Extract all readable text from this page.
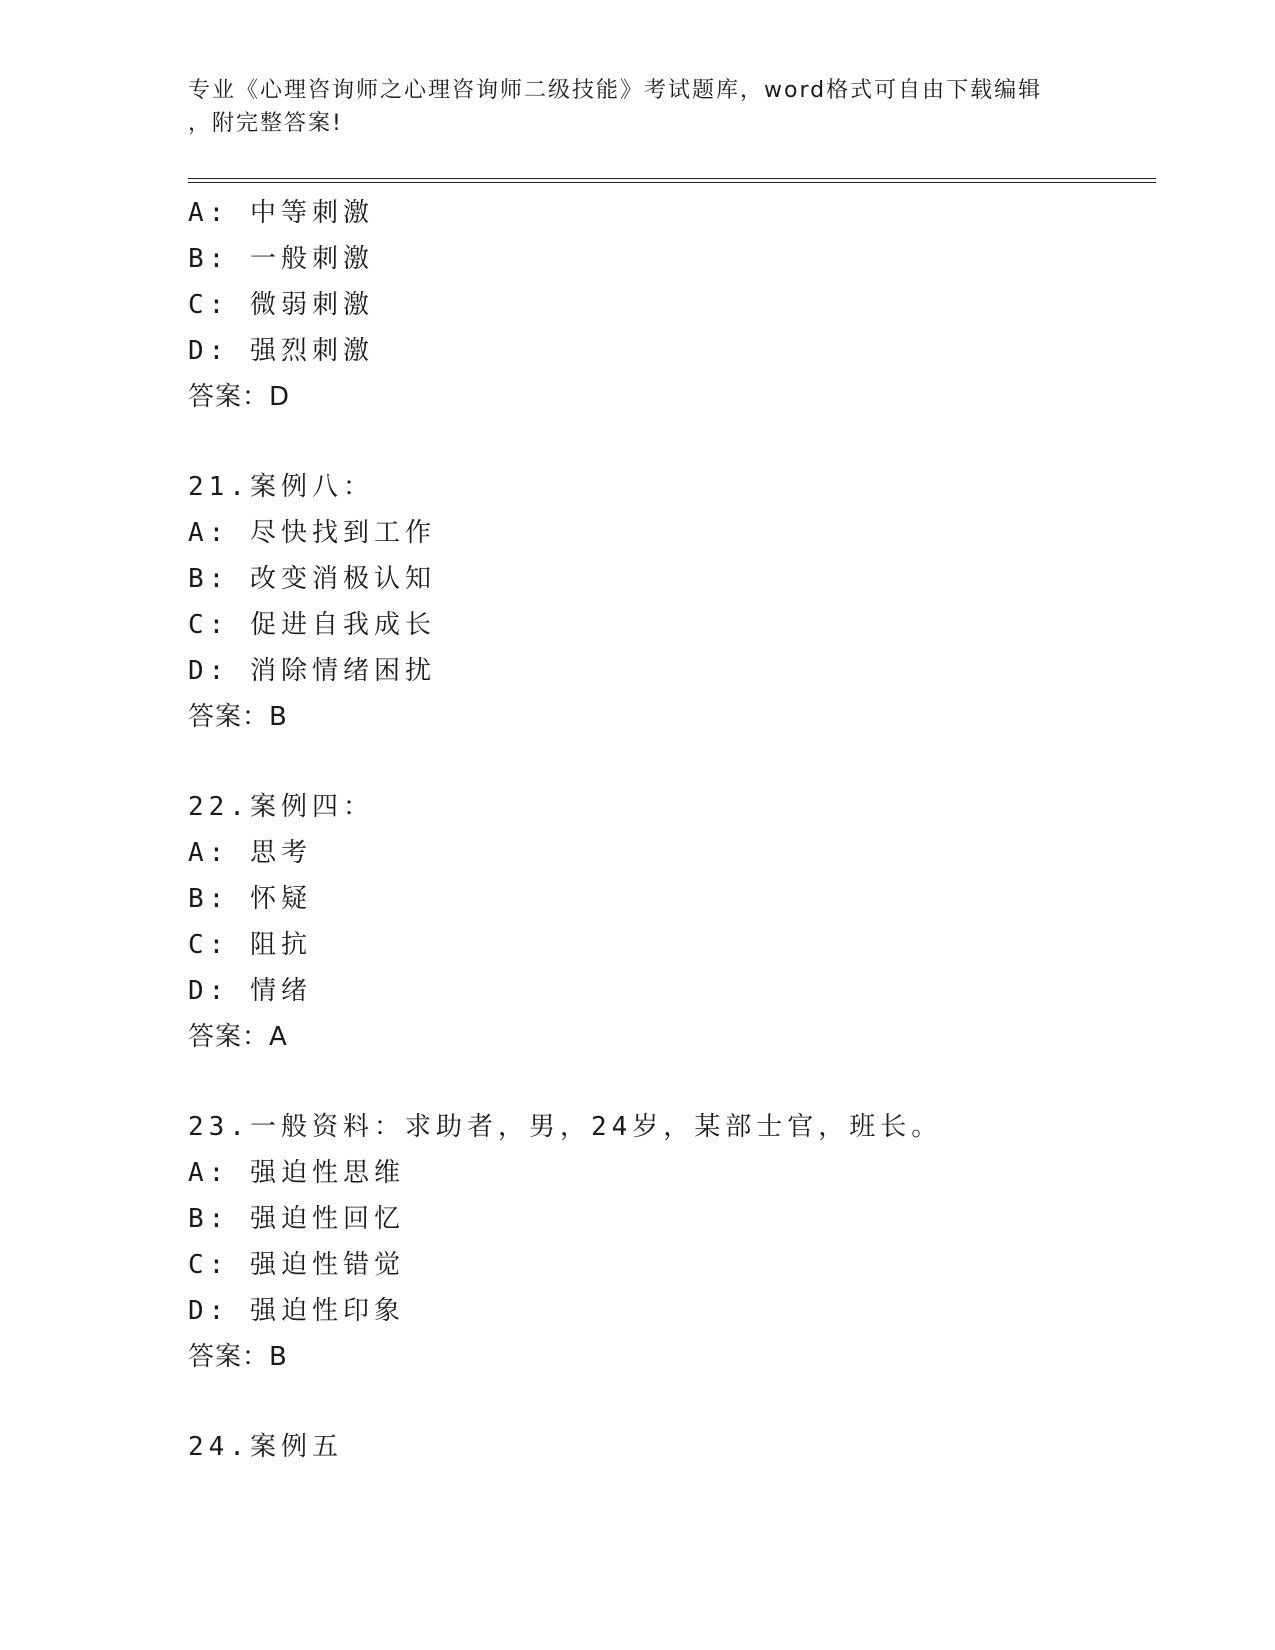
专业《心理咨询师之心理咨询师二级技能》考试题库，word格式可自由下载编辑
，附完整答案!
A: 中等刺激
B: 一般刺激
C: 微弱刺激
D: 强烈刺激
答案：D
21.案例八：
A: 尽快找到工作
B: 改变消极认知
C: 促进自我成长
D: 消除情绪困扰
答案：B
22.案例四：
A: 思考
B: 怀疑
C: 阻抗
D: 情绪
答案：A
23.一般资料：求助者，男，24岁，某部士官，班长。
A: 强迫性思维
B: 强迫性回忆
C: 强迫性错觉
D: 强迫性印象
答案：B
24.案例五
